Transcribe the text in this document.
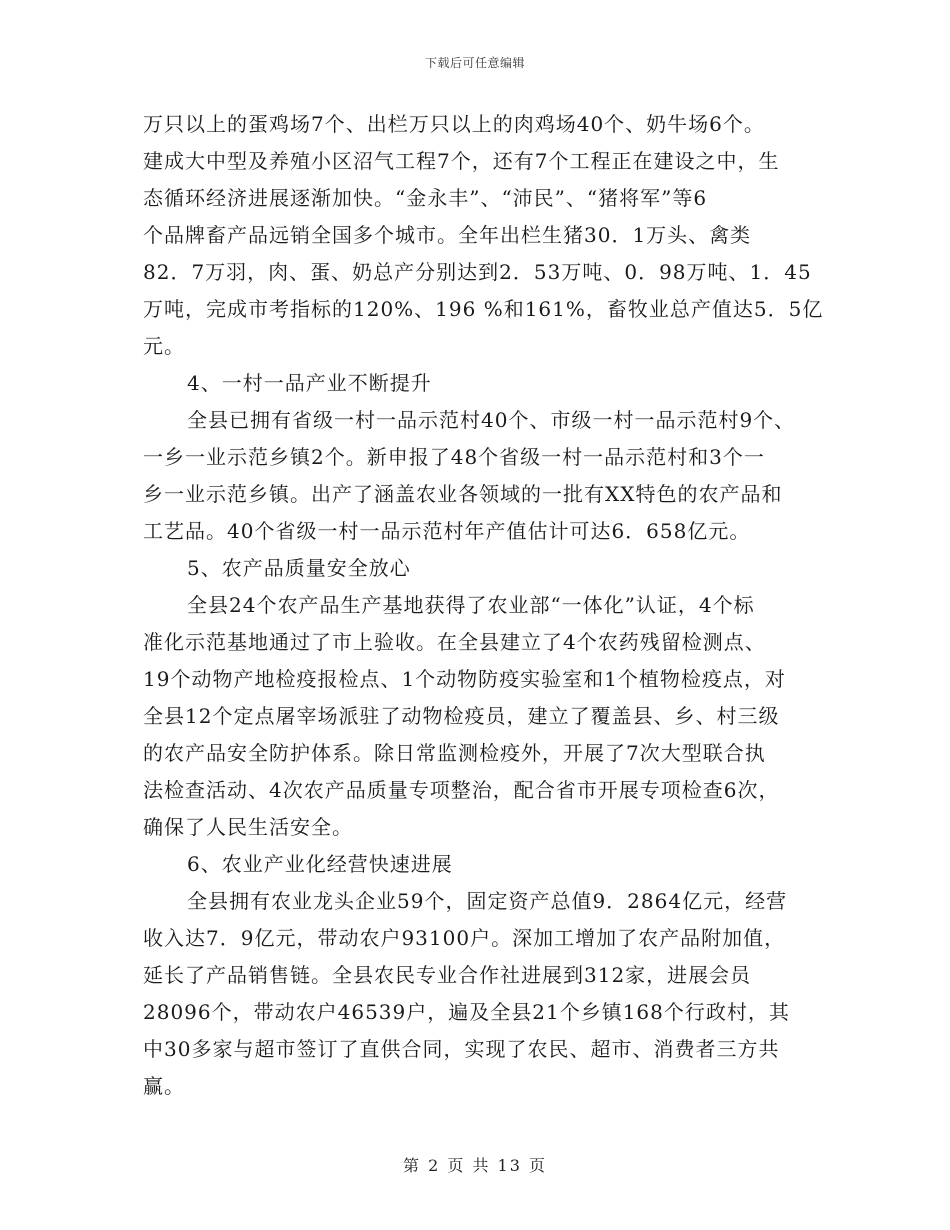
下载后可任意编辑
万只以上的蛋鸡场7个、出栏万只以上的肉鸡场40个、奶牛场6个。
建成大中型及养殖小区沼气工程7个，还有7个工程正在建设之中，生
态循环经济进展逐渐加快。“金永丰”、“沛民”、“猪将军”等6
个品牌畜产品远销全国多个城市。全年出栏生猪30．1万头、禽类
82．7万羽，肉、蛋、奶总产分别达到2．53万吨、0．98万吨、1．45
万吨，完成市考指标的120%、196 %和161%，畜牧业总产值达5．5亿
元。
4、一村一品产业不断提升
全县已拥有省级一村一品示范村40个、市级一村一品示范村9个、
一乡一业示范乡镇2个。新申报了48个省级一村一品示范村和3个一
乡一业示范乡镇。出产了涵盖农业各领域的一批有XX特色的农产品和
工艺品。40个省级一村一品示范村年产值估计可达6．658亿元。
5、农产品质量安全放心
全县24个农产品生产基地获得了农业部“一体化”认证，4个标
准化示范基地通过了市上验收。在全县建立了4个农药残留检测点、
19个动物产地检疫报检点、1个动物防疫实验室和1个植物检疫点，对
全县12个定点屠宰场派驻了动物检疫员，建立了覆盖县、乡、村三级
的农产品安全防护体系。除日常监测检疫外，开展了7次大型联合执
法检查活动、4次农产品质量专项整治，配合省市开展专项检查6次，
确保了人民生活安全。
6、农业产业化经营快速进展
全县拥有农业龙头企业59个，固定资产总值9．2864亿元，经营
收入达7．9亿元，带动农户93100户。深加工增加了农产品附加值，
延长了产品销售链。全县农民专业合作社进展到312家，进展会员
28096个，带动农户46539户，遍及全县21个乡镇168个行政村，其
中30多家与超市签订了直供合同，实现了农民、超市、消费者三方共
赢。
第 2 页 共 13 页
